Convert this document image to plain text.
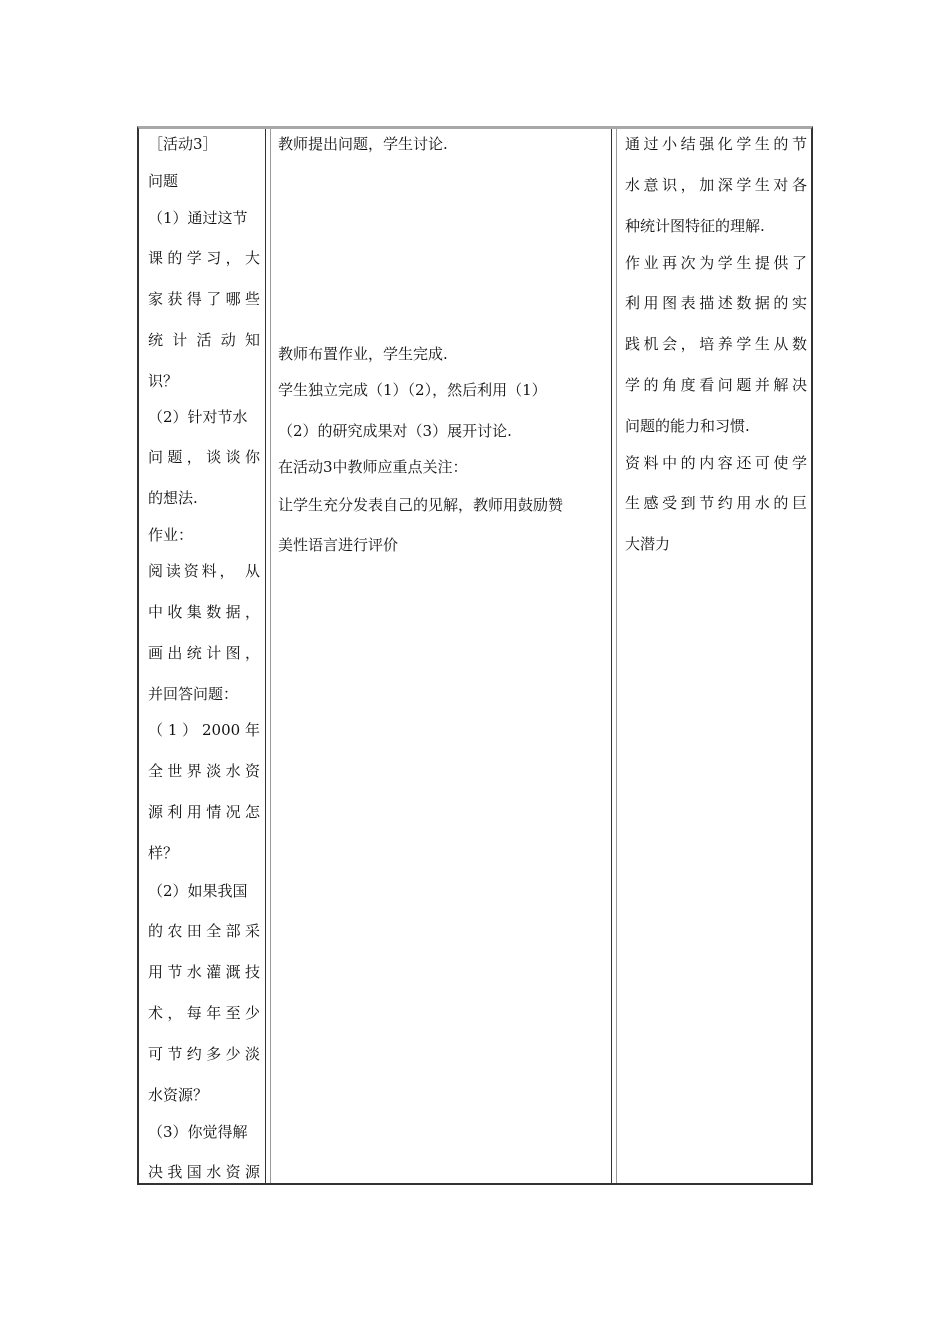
［活动3］
问题
（1）通过这节
课的学习，大
家获得了哪些
统计活动知
识？
（2）针对节水
问题，谈谈你
的想法.
作业：
阅读资料， 从
中收集数据，
画出统计图，
并回答问题：
（1）2000年
全世界淡水资
源利用情况怎
样？
（2）如果我国
的农田全部采
用节水灌溉技
术，每年至少
可节约多少淡
水资源？
（3）你觉得解
决我国水资源
教师提出问题，学生讨论.
教师布置作业，学生完成.
学生独立完成（1）（2），然后利用（1）
（2）的研究成果对（3）展开讨论.
在活动3中教师应重点关注：
让学生充分发表自己的见解，教师用鼓励赞
美性语言进行评价
通过小结强化学生的节
水意识，加深学生对各
种统计图特征的理解.
作业再次为学生提供了
利用图表描述数据的实
践机会，培养学生从数
学的角度看问题并解决
问题的能力和习惯.
资料中的内容还可使学
生感受到节约用水的巨
大潜力
